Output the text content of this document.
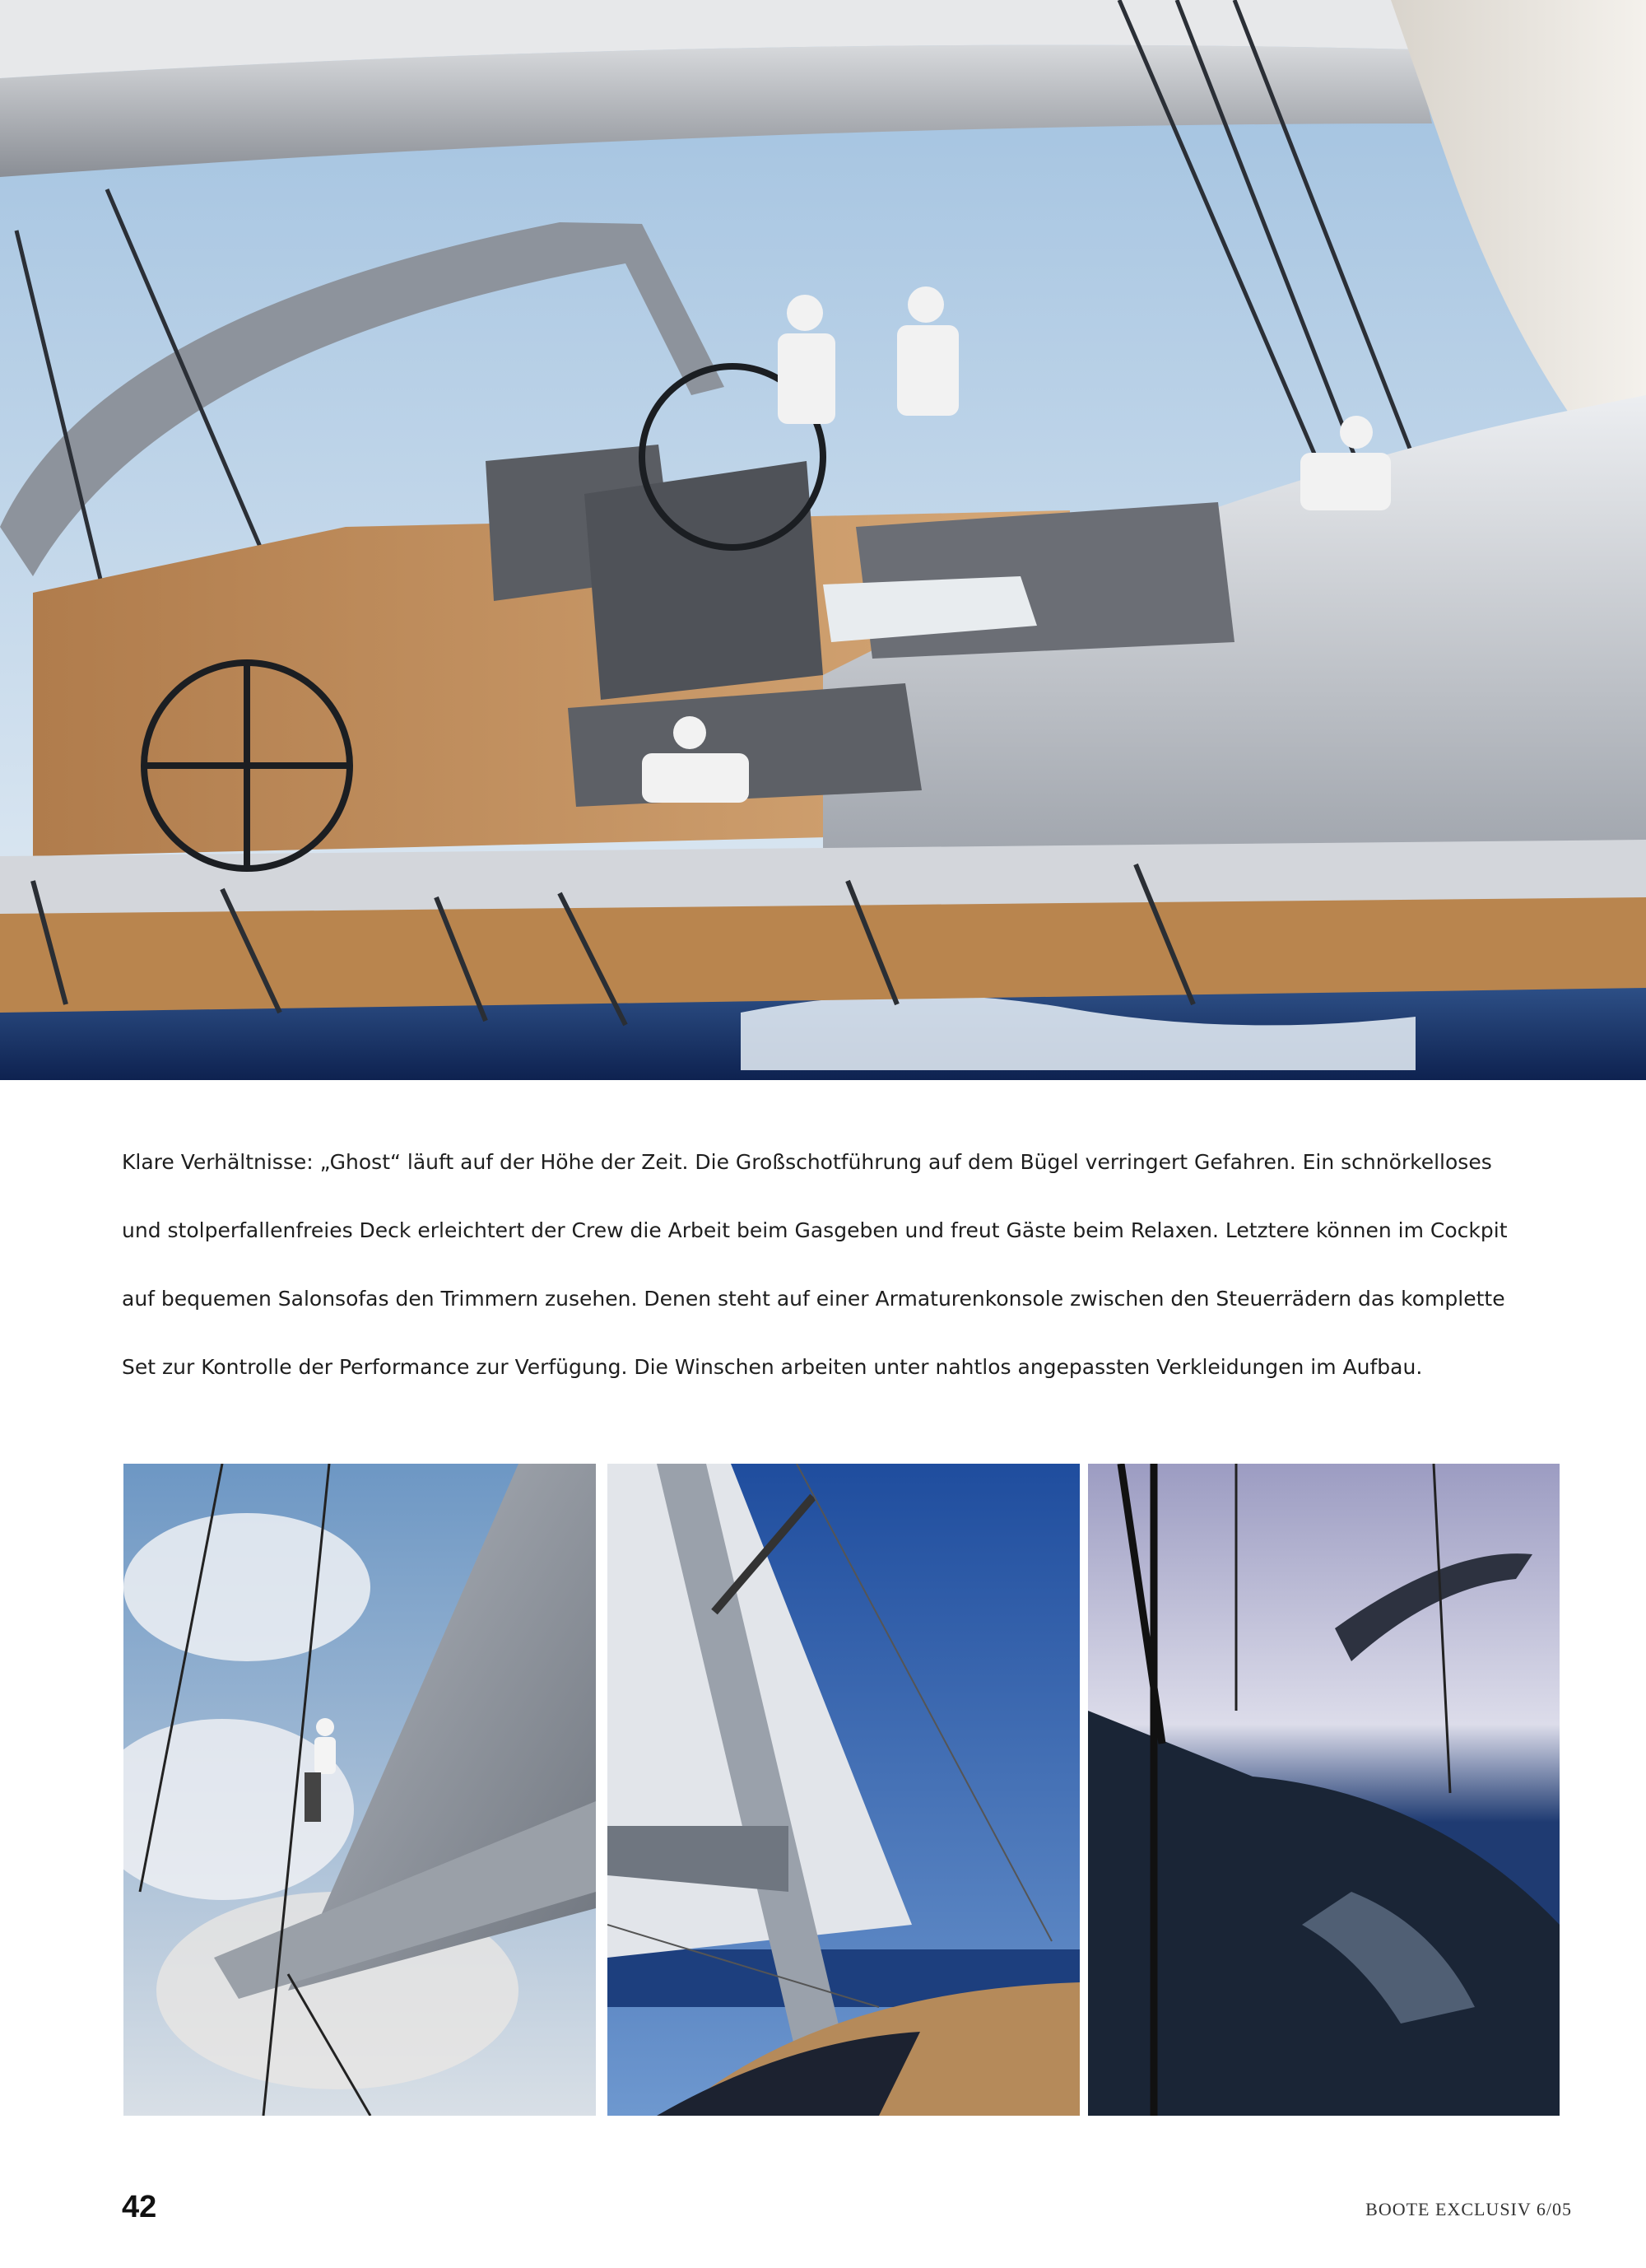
Klare Verhältnisse: „Ghost“ läuft auf der Höhe der Zeit. Die Großschotführung auf dem Bügel verringert Gefahren. Ein schnörkelloses und stolperfallenfreies Deck erleichtert der Crew die Arbeit beim Gasgeben und freut Gäste beim Relaxen. Letztere können im Cockpit auf bequemen Salonsofas den Trimmern zusehen. Denen steht auf einer Armaturenkonsole zwischen den Steuerrädern das komplette Set zur Kontrolle der Performance zur Verfügung. Die Winschen arbeiten unter nahtlos angepassten Verkleidungen im Aufbau.

42	BOOTE EXCLUSIV 6/05
